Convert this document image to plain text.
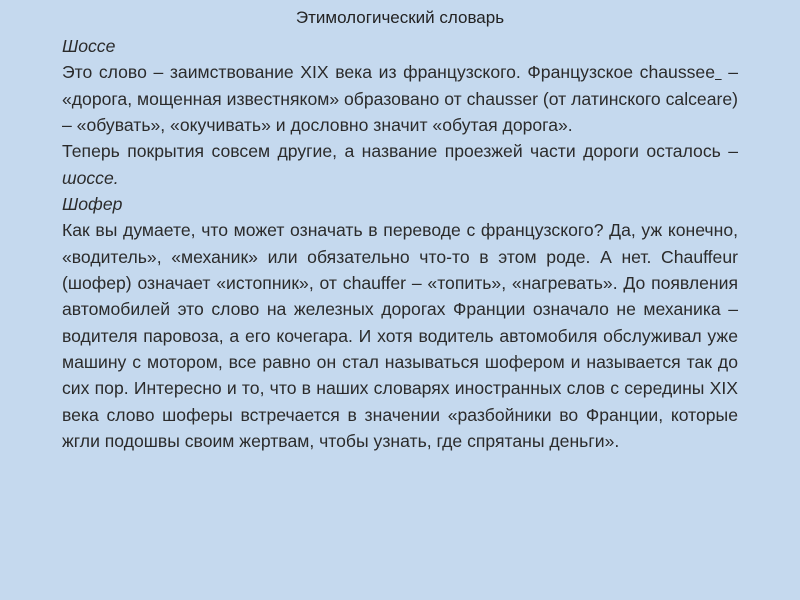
Этимологический словарь

Шоссе

Это слово – заимствование XIX века из французского. Французское chaussee  – «дорога, мощенная известняком» образовано от chausser (от латинского calceare) – «обувать», «окучивать» и дословно значит «обутая дорога».

Теперь покрытия совсем другие, а название проезжей части дороги осталось – шоссе.

Шофер

Как вы думаете, что может означать в переводе с французского? Да, уж конечно, «водитель», «механик» или обязательно что-то в этом роде. А нет. Chauffeur (шофер) означает «истопник», от chauffer – «топить», «нагревать». До появления автомобилей это слово на железных дорогах Франции означало не механика – водителя паровоза, а его кочегара. И хотя водитель автомобиля обслуживал уже машину с мотором, все равно он стал называться шофером и называется так до сих пор. Интересно и то, что в наших словарях иностранных слов с середины XIX века слово шоферы встречается в значении «разбойники во Франции, которые жгли подошвы своим жертвам, чтобы узнать, где спрятаны деньги».
